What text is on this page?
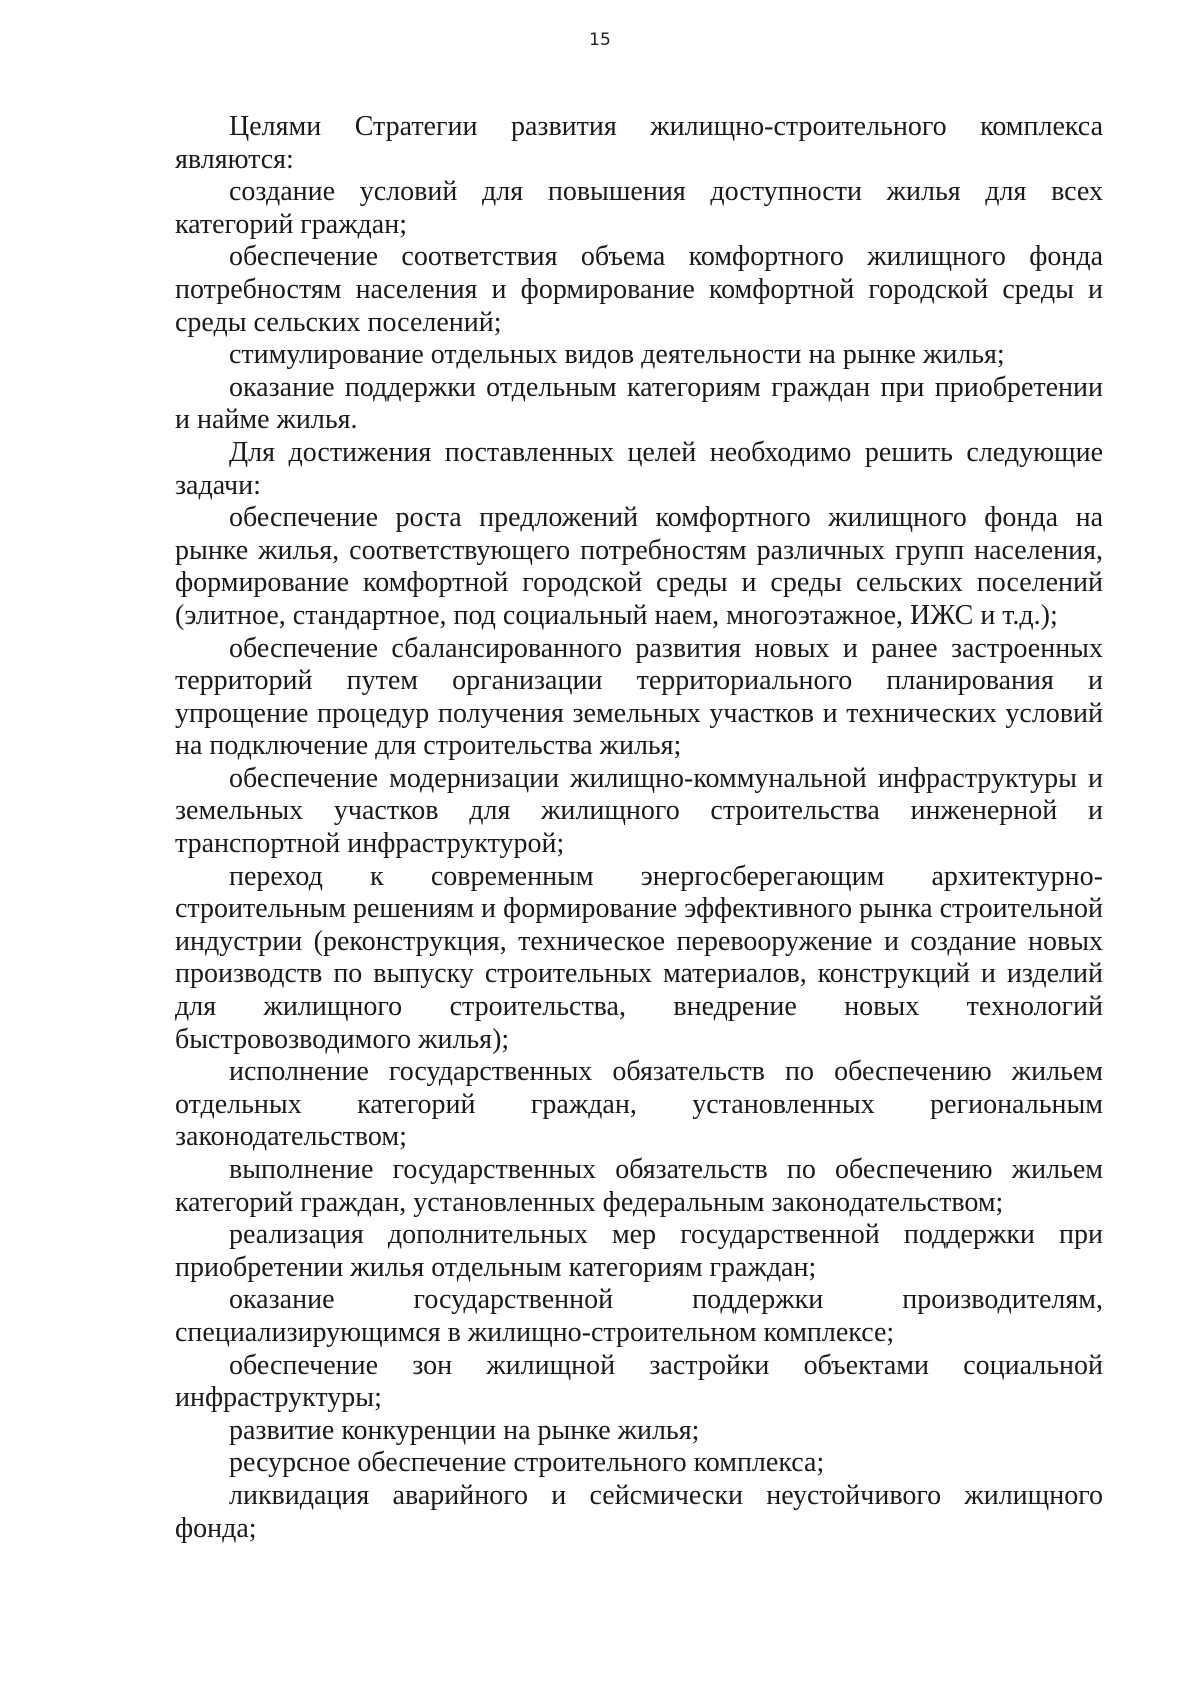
15

Целями Стратегии развития жилищно-строительного комплекса являются:

создание условий для повышения доступности жилья для всех категорий граждан;

обеспечение соответствия объема комфортного жилищного фонда потребностям населения и формирование комфортной городской среды и среды сельских поселений;

стимулирование отдельных видов деятельности на рынке жилья;

оказание поддержки отдельным категориям граждан при приобретении и найме жилья.

Для достижения поставленных целей необходимо решить следующие задачи:

обеспечение роста предложений комфортного жилищного фонда на рынке жилья, соответствующего потребностям различных групп населения, формирование комфортной городской среды и среды сельских поселений (элитное, стандартное, под социальный наем, многоэтажное, ИЖС и т.д.);

обеспечение сбалансированного развития новых и ранее застроенных территорий путем организации территориального планирования и упрощение процедур получения земельных участков и технических условий на подключение для строительства жилья;

обеспечение модернизации жилищно-коммунальной инфраструктуры и земельных участков для жилищного строительства инженерной и транспортной инфраструктурой;

переход к современным энергосберегающим архитектурно-строительным решениям и формирование эффективного рынка строительной индустрии (реконструкция, техническое перевооружение и создание новых производств по выпуску строительных материалов, конструкций и изделий для жилищного строительства, внедрение новых технологий быстровозводимого жилья);

исполнение государственных обязательств по обеспечению жильем отдельных категорий граждан, установленных региональным законодательством;

выполнение государственных обязательств по обеспечению жильем категорий граждан, установленных федеральным законодательством;

реализация дополнительных мер государственной поддержки при приобретении жилья отдельным категориям граждан;

оказание государственной поддержки производителям, специализирующимся в жилищно-строительном комплексе;

обеспечение зон жилищной застройки объектами социальной инфраструктуры;

развитие конкуренции на рынке жилья;

ресурсное обеспечение строительного комплекса;

ликвидация аварийного и сейсмически неустойчивого жилищного фонда;
